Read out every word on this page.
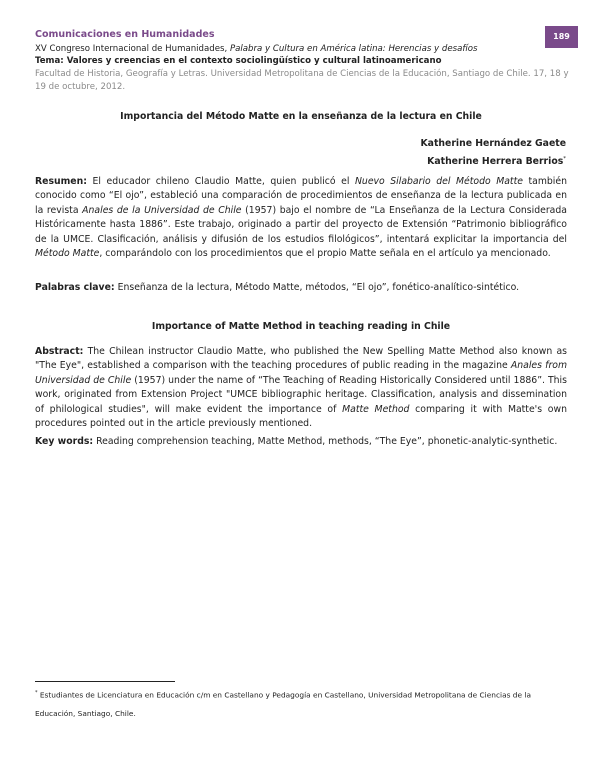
Comunicaciones en Humanidades	189
XV Congreso Internacional de Humanidades, Palabra y Cultura en América latina: Herencias y desafíos
Tema: Valores y creencias en el contexto sociolingüístico y cultural latinoamericano
Facultad de Historia, Geografía y Letras. Universidad Metropolitana de Ciencias de la Educación, Santiago de Chile. 17, 18 y 19 de octubre, 2012.
Importancia del Método Matte en la enseñanza de la lectura en Chile
Katherine Hernández Gaete
Katherine Herrera Berrios*
Resumen: El educador chileno Claudio Matte, quien publicó el Nuevo Silabario del Método Matte también conocido como “El ojo”, estableció una comparación de procedimientos de enseñanza de la lectura publicada en la revista Anales de la Universidad de Chile (1957) bajo el nombre de “La Enseñanza de la Lectura Considerada Históricamente hasta 1886”. Este trabajo, originado a partir del proyecto de Extensión “Patrimonio bibliográfico de la UMCE. Clasificación, análisis y difusión de los estudios filológicos”, intentará explicitar la importancia del Método Matte, comparándolo con los procedimientos que el propio Matte señala en el artículo ya mencionado.
Palabras clave: Enseñanza de la lectura, Método Matte, métodos, “El ojo”, fonético-analítico-sintético.
Importance of Matte Method in teaching reading in Chile
Abstract: The Chilean instructor Claudio Matte, who published the New Spelling Matte Method also known as "The Eye", established a comparison with the teaching procedures of public reading in the magazine Anales from Universidad de Chile (1957) under the name of “The Teaching of Reading Historically Considered until 1886”. This work, originated from Extension Project "UMCE bibliographic heritage. Classification, analysis and dissemination of philological studies", will make evident the importance of Matte Method comparing it with Matte's own procedures pointed out in the article previously mentioned.
Key words: Reading comprehension teaching, Matte Method, methods, “The Eye”, phonetic-analytic-synthetic.
* Estudiantes de Licenciatura en Educación c/m en Castellano y Pedagogía en Castellano, Universidad Metropolitana de Ciencias de la Educación, Santiago, Chile.
